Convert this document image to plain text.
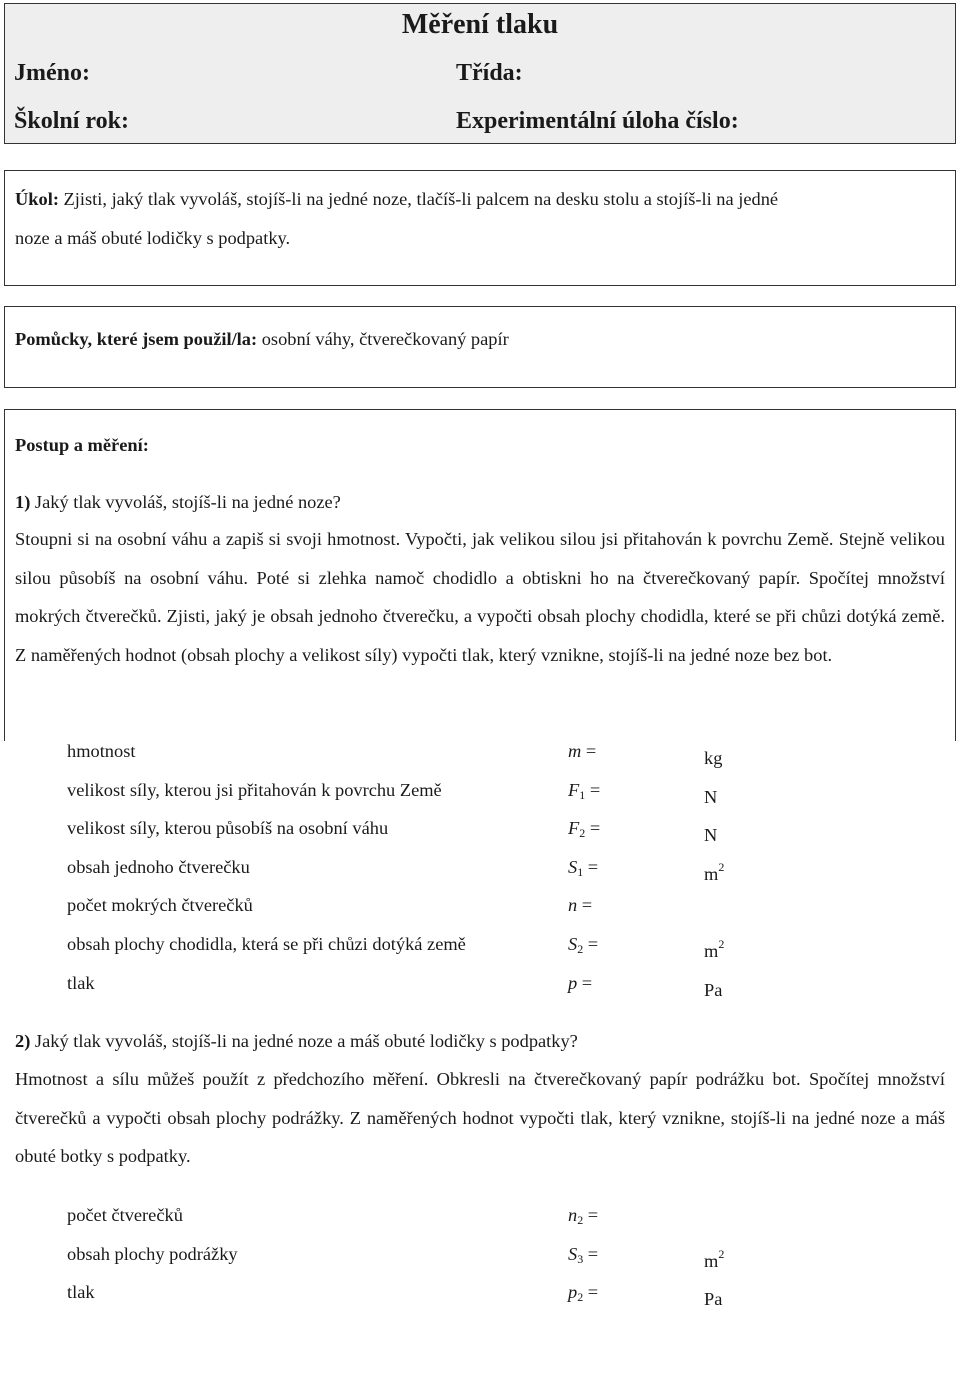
Měření tlaku
Jméno:	Třída:
Školní rok:	Experimentální úloha číslo:
Úkol: Zjisti, jaký tlak vyvoláš, stojíš-li na jedné noze, tlačíš-li palcem na desku stolu a stojíš-li na jedné
noze a máš obuté lodičky s podpatky.
Pomůcky, které jsem použil/la: osobní váhy, čtverečkovaný papír
Postup a měření:
1) Jaký tlak vyvoláš, stojíš-li na jedné noze?
Stoupni si na osobní váhu a zapiš si svoji hmotnost. Vypočti, jak velikou silou jsi přitahován k povrchu Země. Stejně velikou silou působíš na osobní váhu. Poté si zlehka namoč chodidlo a obtiskni ho na čtverečkovaný papír. Spočítej množství mokrých čtverečků. Zjisti, jaký je obsah jednoho čtverečku, a vypočti obsah plochy chodidla, které se při chůzi dotýká země. Z naměřených hodnot (obsah plochy a velikost síly) vypočti tlak, který vznikne, stojíš-li na jedné noze bez bot.
hmotnost	m =	kg
velikost síly, kterou jsi přitahován k povrchu Země	$F_1$ =	N
velikost síly, kterou působíš na osobní váhu	$F_2$ =	N
obsah jednoho čtverečku	$S_1$ =	$m^2$
počet mokrých čtverečků	n =
obsah plochy chodidla, která se při chůzi dotýká země	$S_2$ =	$m^2$
tlak	p =	Pa
2) Jaký tlak vyvoláš, stojíš-li na jedné noze a máš obuté lodičky s podpatky?
Hmotnost a sílu můžeš použít z předchozího měření. Obkresli na čtverečkovaný papír podrážku bot. Spočítej množství čtverečků a vypočti obsah plochy podrážky. Z naměřených hodnot vypočti tlak, který vznikne, stojíš-li na jedné noze a máš obuté botky s podpatky.
počet čtverečků	$n_2$ =
obsah plochy podrážky	$S_3$ =	$m^2$
tlak	$p_2$ =	Pa
